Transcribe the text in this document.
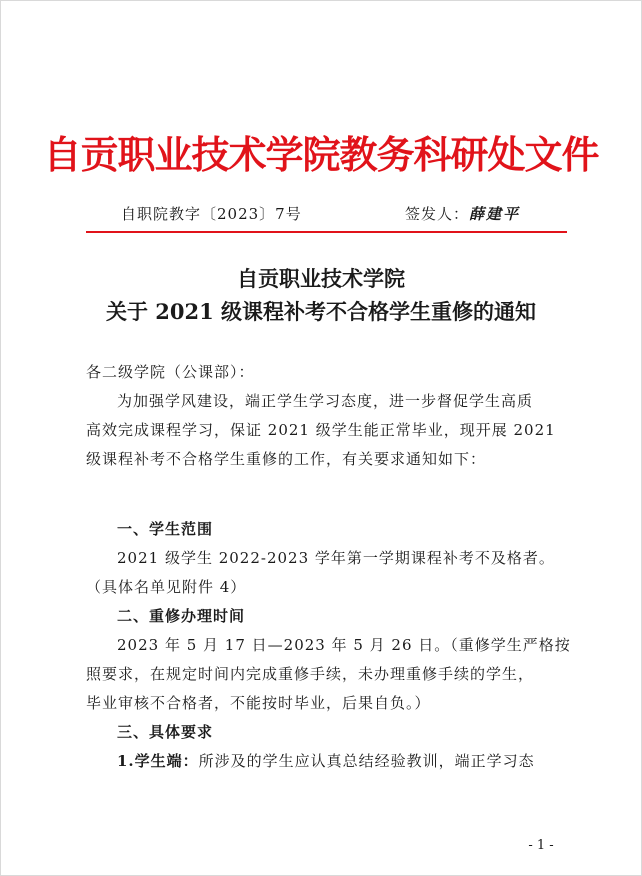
自贡职业技术学院教务科研处文件
自职院教字〔2023〕7号	签发人：薛建平
自贡职业技术学院
关于 2021 级课程补考不合格学生重修的通知
各二级学院（公课部）：
为加强学风建设，端正学生学习态度，进一步督促学生高质
高效完成课程学习，保证 2021 级学生能正常毕业，现开展 2021
级课程补考不合格学生重修的工作，有关要求通知如下：
一、学生范围
2021 级学生 2022-2023 学年第一学期课程补考不及格者。
（具体名单见附件 4）
二、重修办理时间
2023 年 5 月 17 日—2023 年 5 月 26 日。（重修学生严格按
照要求，在规定时间内完成重修手续，未办理重修手续的学生，
毕业审核不合格者，不能按时毕业，后果自负。）
三、具体要求
1.学生端：所涉及的学生应认真总结经验教训，端正学习态
- 1 -
